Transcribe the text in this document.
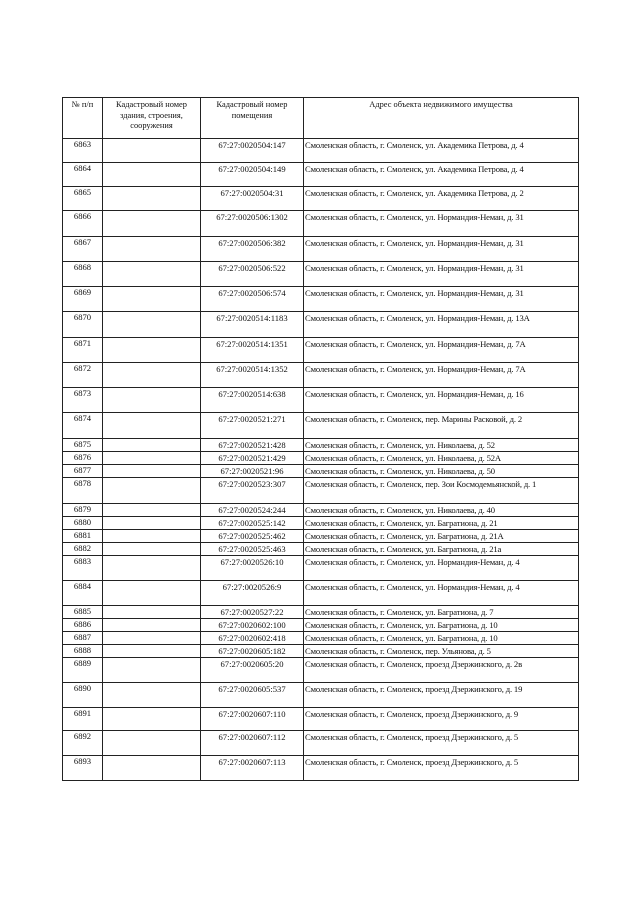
№ п/п	Кадастровый номер здания, строения, сооружения	Кадастровый номер помещения	Адрес объекта недвижимого имущества
6863		67:27:0020504:147	Смоленская область, г. Смоленск, ул. Академика Петрова, д. 4
6864		67:27:0020504:149	Смоленская область, г. Смоленск, ул. Академика Петрова, д. 4
6865		67:27:0020504:31	Смоленская область, г. Смоленск, ул. Академика Петрова, д. 2
6866		67:27:0020506:1302	Смоленская область, г. Смоленск, ул. Нормандия-Неман, д. 31
6867		67:27:0020506:382	Смоленская область, г. Смоленск, ул. Нормандия-Неман, д. 31
6868		67:27:0020506:522	Смоленская область, г. Смоленск, ул. Нормандия-Неман, д. 31
6869		67:27:0020506:574	Смоленская область, г. Смоленск, ул. Нормандия-Неман, д. 31
6870		67:27:0020514:1183	Смоленская область, г. Смоленск, ул. Нормандия-Неман, д. 13А
6871		67:27:0020514:1351	Смоленская область, г. Смоленск, ул. Нормандия-Неман, д. 7А
6872		67:27:0020514:1352	Смоленская область, г. Смоленск, ул. Нормандия-Неман, д. 7А
6873		67:27:0020514:638	Смоленская область, г. Смоленск, ул. Нормандия-Неман, д. 16
6874		67:27:0020521:271	Смоленская область, г. Смоленск, пер. Марины Расковой, д. 2
6875		67:27:0020521:428	Смоленская область, г. Смоленск, ул. Николаева, д. 52
6876		67:27:0020521:429	Смоленская область, г. Смоленск, ул. Николаева, д. 52А
6877		67:27:0020521:96	Смоленская область, г. Смоленск, ул. Николаева, д. 50
6878		67:27:0020523:307	Смоленская область, г. Смоленск, пер. Зои Космодемьянской, д. 1
6879		67:27:0020524:244	Смоленская область, г. Смоленск, ул. Николаева, д. 40
6880		67:27:0020525:142	Смоленская область, г. Смоленск, ул. Багратиона, д. 21
6881		67:27:0020525:462	Смоленская область, г. Смоленск, ул. Багратиона, д. 21А
6882		67:27:0020525:463	Смоленская область, г. Смоленск, ул. Багратиона, д. 21а
6883		67:27:0020526:10	Смоленская область, г. Смоленск, ул. Нормандия-Неман, д. 4
6884		67:27:0020526:9	Смоленская область, г. Смоленск, ул. Нормандия-Неман, д. 4
6885		67:27:0020527:22	Смоленская область, г. Смоленск, ул. Багратиона, д. 7
6886		67:27:0020602:100	Смоленская область, г. Смоленск, ул. Багратиона, д. 10
6887		67:27:0020602:418	Смоленская область, г. Смоленск, ул. Багратиона, д. 10
6888		67:27:0020605:182	Смоленская область, г. Смоленск, пер. Ульянова, д. 5
6889		67:27:0020605:20	Смоленская область, г. Смоленск, проезд Дзержинского, д. 2в
6890		67:27:0020605:537	Смоленская область, г. Смоленск, проезд Дзержинского, д. 19
6891		67:27:0020607:110	Смоленская область, г. Смоленск, проезд Дзержинского, д. 9
6892		67:27:0020607:112	Смоленская область, г. Смоленск, проезд Дзержинского, д. 5
6893		67:27:0020607:113	Смоленская область, г. Смоленск, проезд Дзержинского, д. 5
